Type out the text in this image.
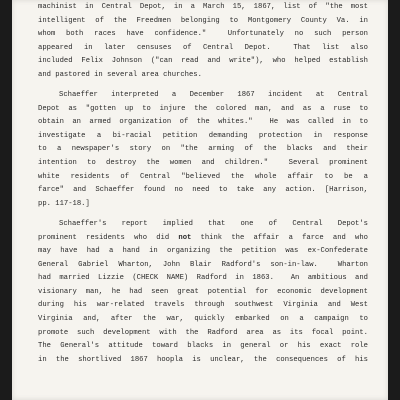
machinist in Central Depot, in a March 15, 1867, list of "the most
intelligent of the Freedmen belonging to Montgomery County Va. in
whom both races have confidence."  Unfortunately no such person
appeared in later censuses of Central Depot.  That list also
included Felix Johnson ("can read and write"), who helped establish
and pastored in several area churches.
Schaeffer interpreted a December 1867 incident at Central
Depot as "gotten up to injure the colored man, and as a ruse to
obtain an armed organization of the whites."  He was called in to
investigate a bi-racial petition demanding protection in response
to a newspaper's story on "the arming of the blacks and their
intention to destroy the women and children."  Several prominent
white residents of Central "believed the whole affair to be a
farce" and Schaeffer found no need to take any action. [Harrison,
pp. 117-18.]
Schaeffer's report implied that one of Central Depot's
prominent residents who did not think the affair a farce and who
may have had a hand in organizing the petition was ex-Confederate
General Gabriel Wharton, John Blair Radford's son-in-law.  Wharton
had married Lizzie (CHECK NAME) Radford in 1863.  An ambitious and
visionary man, he had seen great potential for economic development
during his war-related travels through southwest Virginia and West
Virginia and, after the war, quickly embarked on a campaign to
promote such development with the Radford area as its focal point.
The General's attitude toward blacks in general or his exact role
in the shortlived 1867 hoopla is unclear, the consequences of his
